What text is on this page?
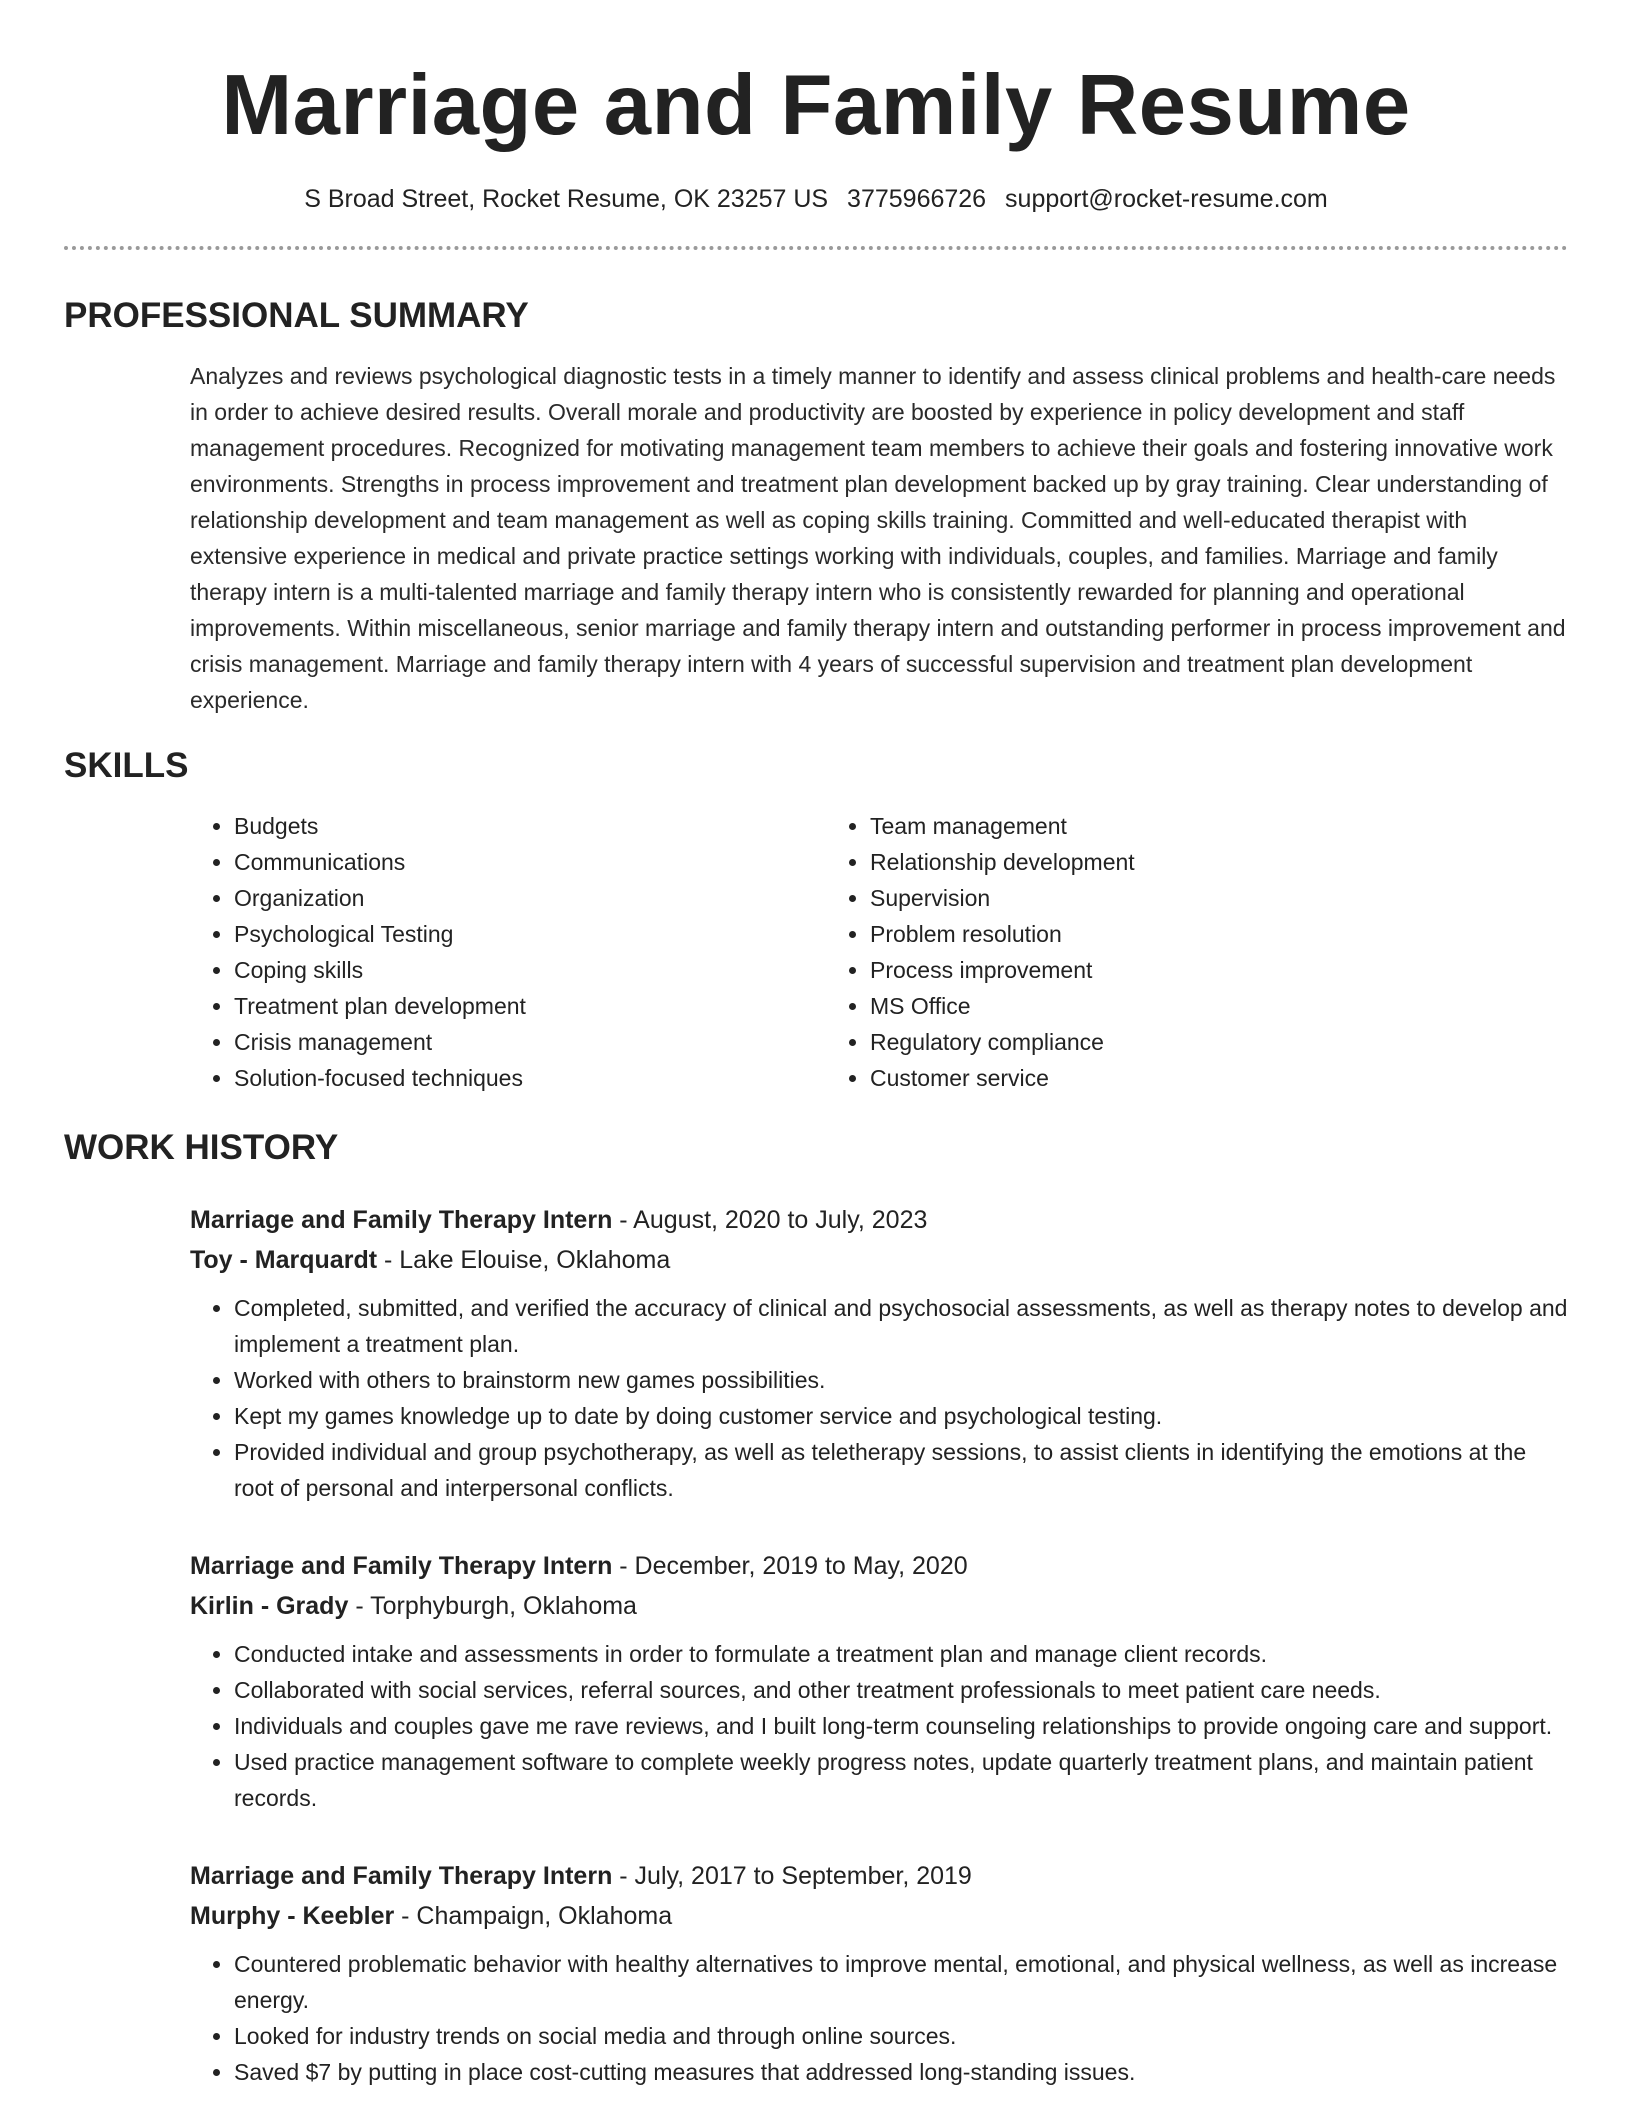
Marriage and Family Resume
S Broad Street, Rocket Resume, OK 23257 US 3775966726 support@rocket-resume.com
PROFESSIONAL SUMMARY

Analyzes and reviews psychological diagnostic tests in a timely manner to identify and assess clinical problems and health-care needs in order to achieve desired results. Overall morale and productivity are boosted by experience in policy development and staff management procedures. Recognized for motivating management team members to achieve their goals and fostering innovative work environments. Strengths in process improvement and treatment plan development backed up by gray training. Clear understanding of relationship development and team management as well as coping skills training. Committed and well-educated therapist with extensive experience in medical and private practice settings working with individuals, couples, and families. Marriage and family therapy intern is a multi-talented marriage and family therapy intern who is consistently rewarded for planning and operational improvements. Within miscellaneous, senior marriage and family therapy intern and outstanding performer in process improvement and crisis management. Marriage and family therapy intern with 4 years of successful supervision and treatment plan development experience.

SKILLS
• Budgets
• Communications
• Organization
• Psychological Testing
• Coping skills
• Treatment plan development
• Crisis management
• Solution-focused techniques
• Team management
• Relationship development
• Supervision
• Problem resolution
• Process improvement
• MS Office
• Regulatory compliance
• Customer service
WORK HISTORY
Marriage and Family Therapy Intern - August, 2020 to July, 2023
Toy - Marquardt - Lake Elouise, Oklahoma
• Completed, submitted, and verified the accuracy of clinical and psychosocial assessments, as well as therapy notes to develop and implement a treatment plan.
• Worked with others to brainstorm new games possibilities.
• Kept my games knowledge up to date by doing customer service and psychological testing.
• Provided individual and group psychotherapy, as well as teletherapy sessions, to assist clients in identifying the emotions at the root of personal and interpersonal conflicts.
Marriage and Family Therapy Intern - December, 2019 to May, 2020
Kirlin - Grady - Torphyburgh, Oklahoma
• Conducted intake and assessments in order to formulate a treatment plan and manage client records.
• Collaborated with social services, referral sources, and other treatment professionals to meet patient care needs.
• Individuals and couples gave me rave reviews, and I built long-term counseling relationships to provide ongoing care and support.
• Used practice management software to complete weekly progress notes, update quarterly treatment plans, and maintain patient records.
Marriage and Family Therapy Intern - July, 2017 to September, 2019
Murphy - Keebler - Champaign, Oklahoma
• Countered problematic behavior with healthy alternatives to improve mental, emotional, and physical wellness, as well as increase energy.
• Looked for industry trends on social media and through online sources.
• Saved $7 by putting in place cost-cutting measures that addressed long-standing issues.
